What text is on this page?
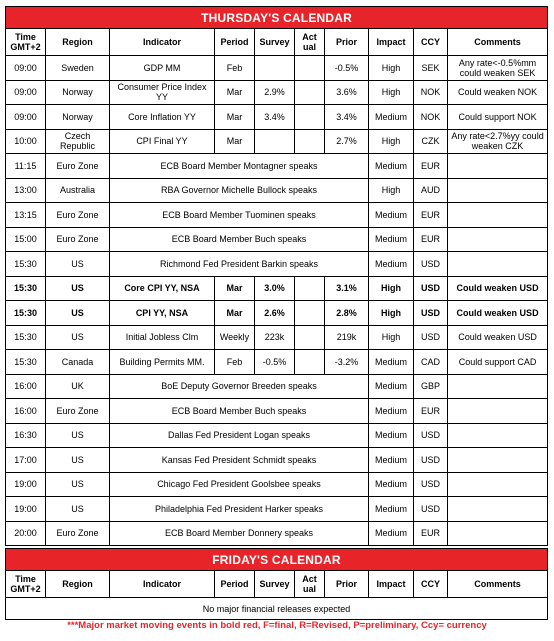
THURSDAY'S CALENDAR									
Time
GMT+2	Region	Indicator	Period	Survey	Act
ual	Prior	Impact	CCY	Comments
09:00	Sweden	GDP MM	Feb			-0.5%	High	SEK	Any rate<-0.5%mm could weaken SEK
09:00	Norway	Consumer Price Index YY	Mar	2.9%		3.6%	High	NOK	Could weaken NOK
09:00	Norway	Core Inflation YY	Mar	3.4%		3.4%	Medium	NOK	Could support NOK
10:00	Czech Republic	CPI Final YY	Mar			2.7%	High	CZK	Any rate<2.7%yy could weaken CZK
11:15	Euro Zone	ECB Board Member Montagner speaks					Medium	EUR	
13:00	Australia	RBA Governor Michelle Bullock speaks					High	AUD	
13:15	Euro Zone	ECB Board Member Tuominen speaks					Medium	EUR	
15:00	Euro Zone	ECB Board Member Buch speaks					Medium	EUR	
15:30	US	Richmond Fed President Barkin speaks					Medium	USD	
15:30	US	Core CPI YY, NSA	Mar	3.0%		3.1%	High	USD	Could weaken USD
15:30	US	CPI YY, NSA	Mar	2.6%		2.8%	High	USD	Could weaken USD
15:30	US	Initial Jobless Clm	Weekly	223k		219k	High	USD	Could weaken USD
15:30	Canada	Building Permits MM.	Feb	-0.5%		-3.2%	Medium	CAD	Could support CAD
16:00	UK	BoE Deputy Governor Breeden speaks					Medium	GBP	
16:00	Euro Zone	ECB Board Member Buch speaks					Medium	EUR	
16:30	US	Dallas Fed President Logan speaks					Medium	USD	
17:00	US	Kansas Fed President Schmidt speaks					Medium	USD	
19:00	US	Chicago Fed President Goolsbee speaks					Medium	USD	
19:00	US	Philadelphia Fed President Harker speaks					Medium	USD	
20:00	Euro Zone	ECB Board Member Donnery speaks					Medium	EUR	
FRIDAY'S CALENDAR
Time
GMT+2	Region	Indicator	Period	Survey	Act
ual	Prior	Impact	CCY	Comments
No major financial releases expected
***Major market moving events in bold red, F=final, R=Revised, P=preliminary, Ccy= currency
